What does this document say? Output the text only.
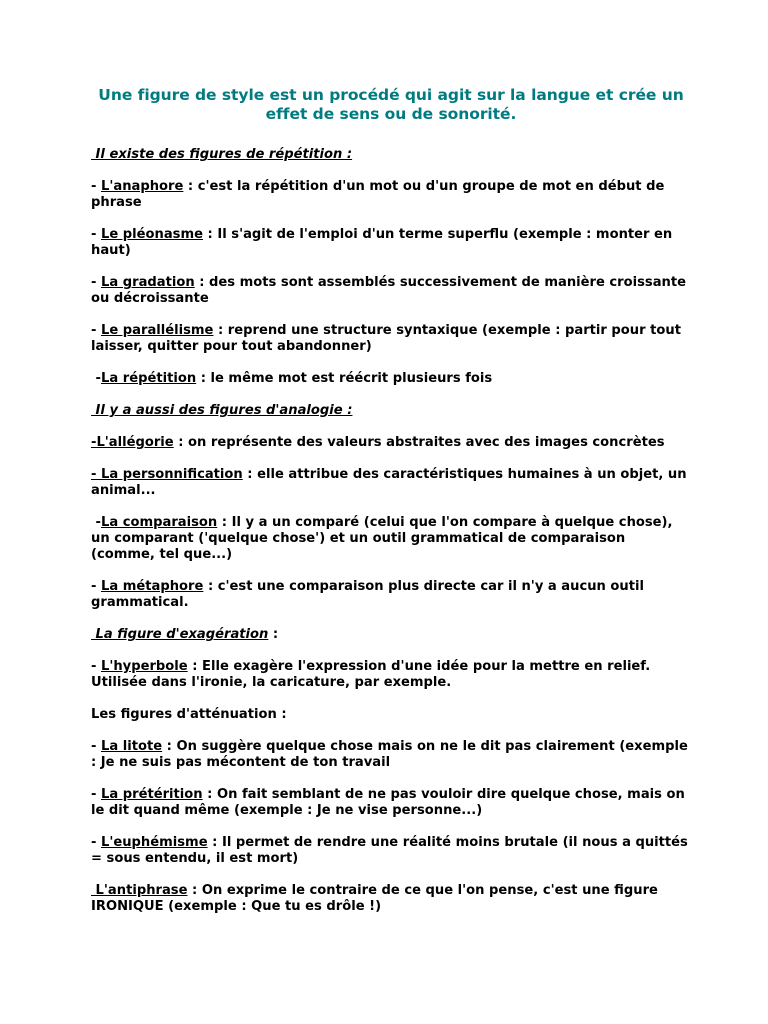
Une figure de style est un procédé qui agit sur la langue et crée un effet de sens ou de sonorité.
Il existe des figures de répétition :
- L'anaphore : c'est la répétition d'un mot ou d'un groupe de mot en début de phrase
- Le pléonasme : Il s'agit de l'emploi d'un terme superflu (exemple : monter en haut)
- La gradation : des mots sont assemblés successivement de manière croissante ou décroissante
- Le parallélisme : reprend une structure syntaxique (exemple : partir pour tout laisser, quitter pour tout abandonner)
-La répétition : le même mot est réécrit plusieurs fois
Il y a aussi des figures d'analogie :
-L'allégorie : on représente des valeurs abstraites avec des images concrètes
- La personnification : elle attribue des caractéristiques humaines à un objet, un animal...
-La comparaison : Il y a un comparé (celui que l'on compare à quelque chose), un comparant ('quelque chose') et un outil grammatical de comparaison (comme, tel que...)
- La métaphore : c'est une comparaison plus directe car il n'y a aucun outil grammatical.
La figure d'exagération :
- L'hyperbole : Elle exagère l'expression d'une idée pour la mettre en relief. Utilisée dans l'ironie, la caricature, par exemple.
Les figures d'atténuation :
- La litote : On suggère quelque chose mais on ne le dit pas clairement (exemple : Je ne suis pas mécontent de ton travail
- La prétérition : On fait semblant de ne pas vouloir dire quelque chose, mais on le dit quand même (exemple : Je ne vise personne...)
- L'euphémisme : Il permet de rendre une réalité moins brutale (il nous a quittés = sous entendu, il est mort)
L'antiphrase : On exprime le contraire de ce que l'on pense, c'est une figure IRONIQUE (exemple : Que tu es drôle !)
